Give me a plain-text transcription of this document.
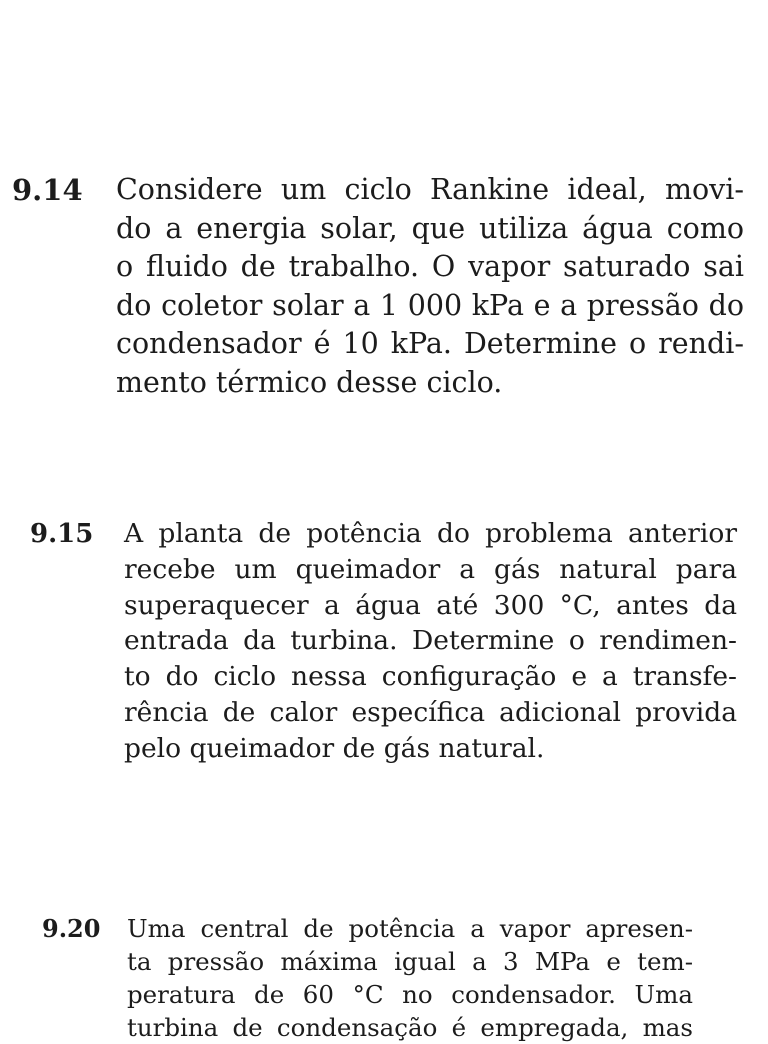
9.14 Considere um ciclo Rankine ideal, movi-
do a energia solar, que utiliza água como
o fluido de trabalho. O vapor saturado sai
do coletor solar a 1 000 kPa e a pressão do
condensador é 10 kPa. Determine o rendi-
mento térmico desse ciclo.
9.15 A planta de potência do problema anterior
recebe um queimador a gás natural para
superaquecer a água até 300 °C, antes da
entrada da turbina. Determine o rendimen-
to do ciclo nessa configuração e a transfe-
rência de calor específica adicional provida
pelo queimador de gás natural.
9.20 Uma central de potência a vapor apresen-
ta pressão máxima igual a 3 MPa e tem-
peratura de 60 °C no condensador. Uma
turbina de condensação é empregada, mas
